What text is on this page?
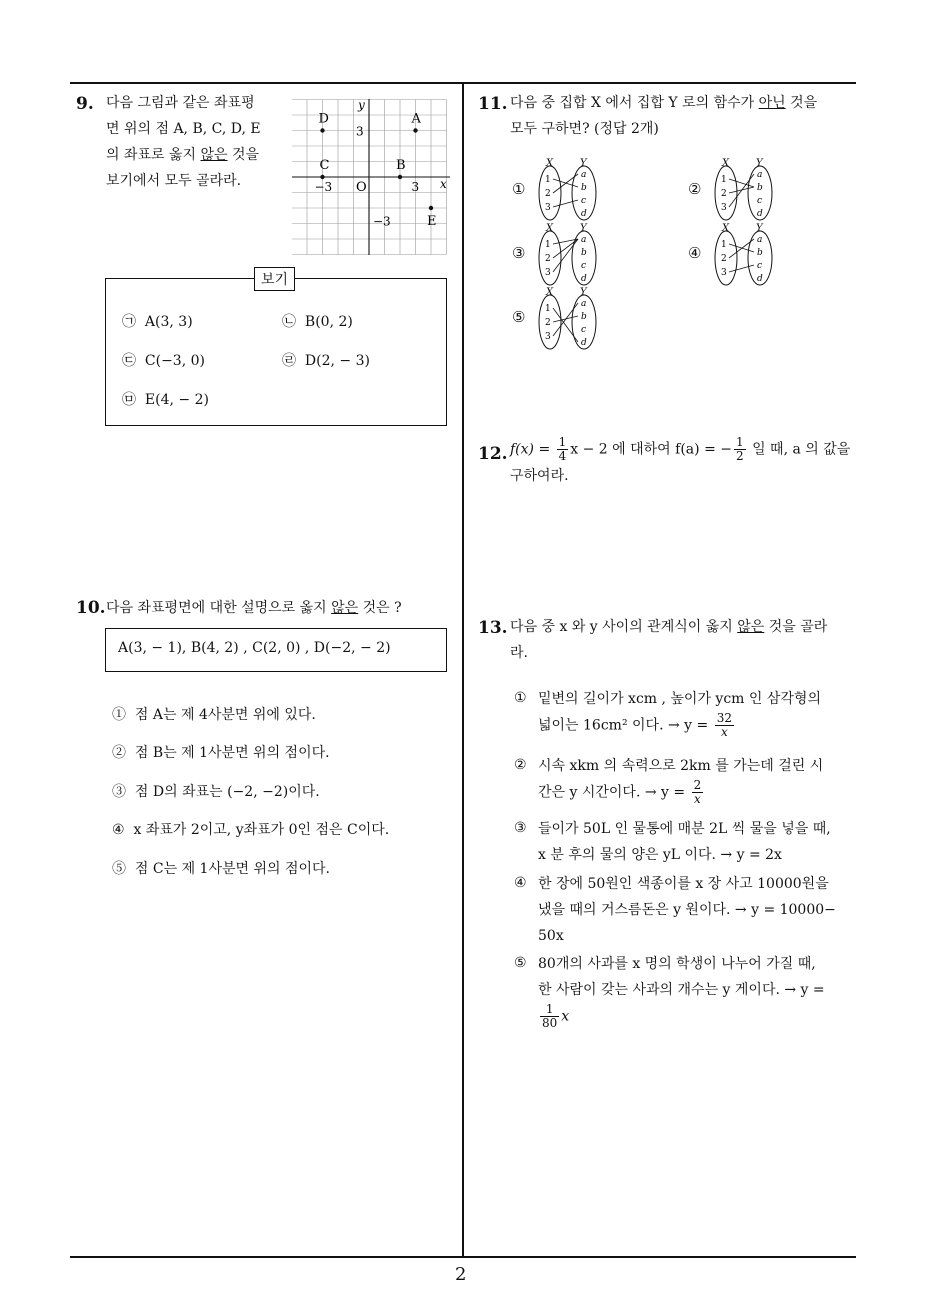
2
9. 다음 그림과 같은 좌표평
면 위의 점 A, B, C, D, E
의 좌표로 옳지 않은 것을
보기에서 모두 골라라.	O	x
y
3
3
−3
−3
A
B
C
D
E
보기
㉠ A(3, 3)	㉡ B(0, 2)
㉢ C(−3, 0)	㉣ D(2, − 3)
㉤ E(4, − 2)
10. 다음 좌표평면에 대한 설명으로 옳지 않은 것은 ?
A(3, − 1), B(4, 2) , C(2, 0) , D(−2, − 2)
① 점 A는 제 4사분면 위에 있다.
② 점 B는 제 1사분면 위의 점이다.
③ 점 D의 좌표는 (−2, −2)이다.
④ x 좌표가 2이고, y좌표가 0인 점은 C이다.
⑤ 점 C는 제 1사분면 위의 점이다.
11. 다음 중 집합 X 에서 집합 Y 로의 함수가 아닌 것을
모두 구하면? (정답 2개)
①	②
③	④
⑤
X	Y
1
2
3
a
b
c
d
X	Y
1
2
3
a
b
c
d
X	Y
1
2
3
a
b
c
d
X	Y
1
2
3
a
b
c
d
X	Y
1
2
3
a
b
c
d
12. $f(x) = \frac{1}{4}$ x − 2 에 대하여 f(a) = − $\frac{1}{2}$ 일 때, a 의 값을
구하여라.
13. 다음 중 x 와 y 사이의 관계식이 옳지 않은 것을 골라
라.
① 밑변의 길이가 xcm , 높이가 ycm 인 삼각형의
넓이는 16cm² 이다. → $y = \frac{32}{x}$
② 시속 xkm 의 속력으로 2km 를 가는데 걸린 시
간은 y 시간이다. → $y = \frac{2}{x}$
③ 들이가 50L 인 물통에 매분 2L 씩 물을 넣을 때,
x 분 후의 물의 양은 yL 이다. → y = 2x
④ 한 장에 50원인 색종이를 x 장 사고 10000원을
냈을 때의 거스름돈은 y 원이다. → y = 10000−
50x
⑤ 80개의 사과를 x 명의 학생이 나누어 가질 때,
한 사람이 갖는 사과의 개수는 y 게이다. → y =
$\frac{1}{80}$ x
